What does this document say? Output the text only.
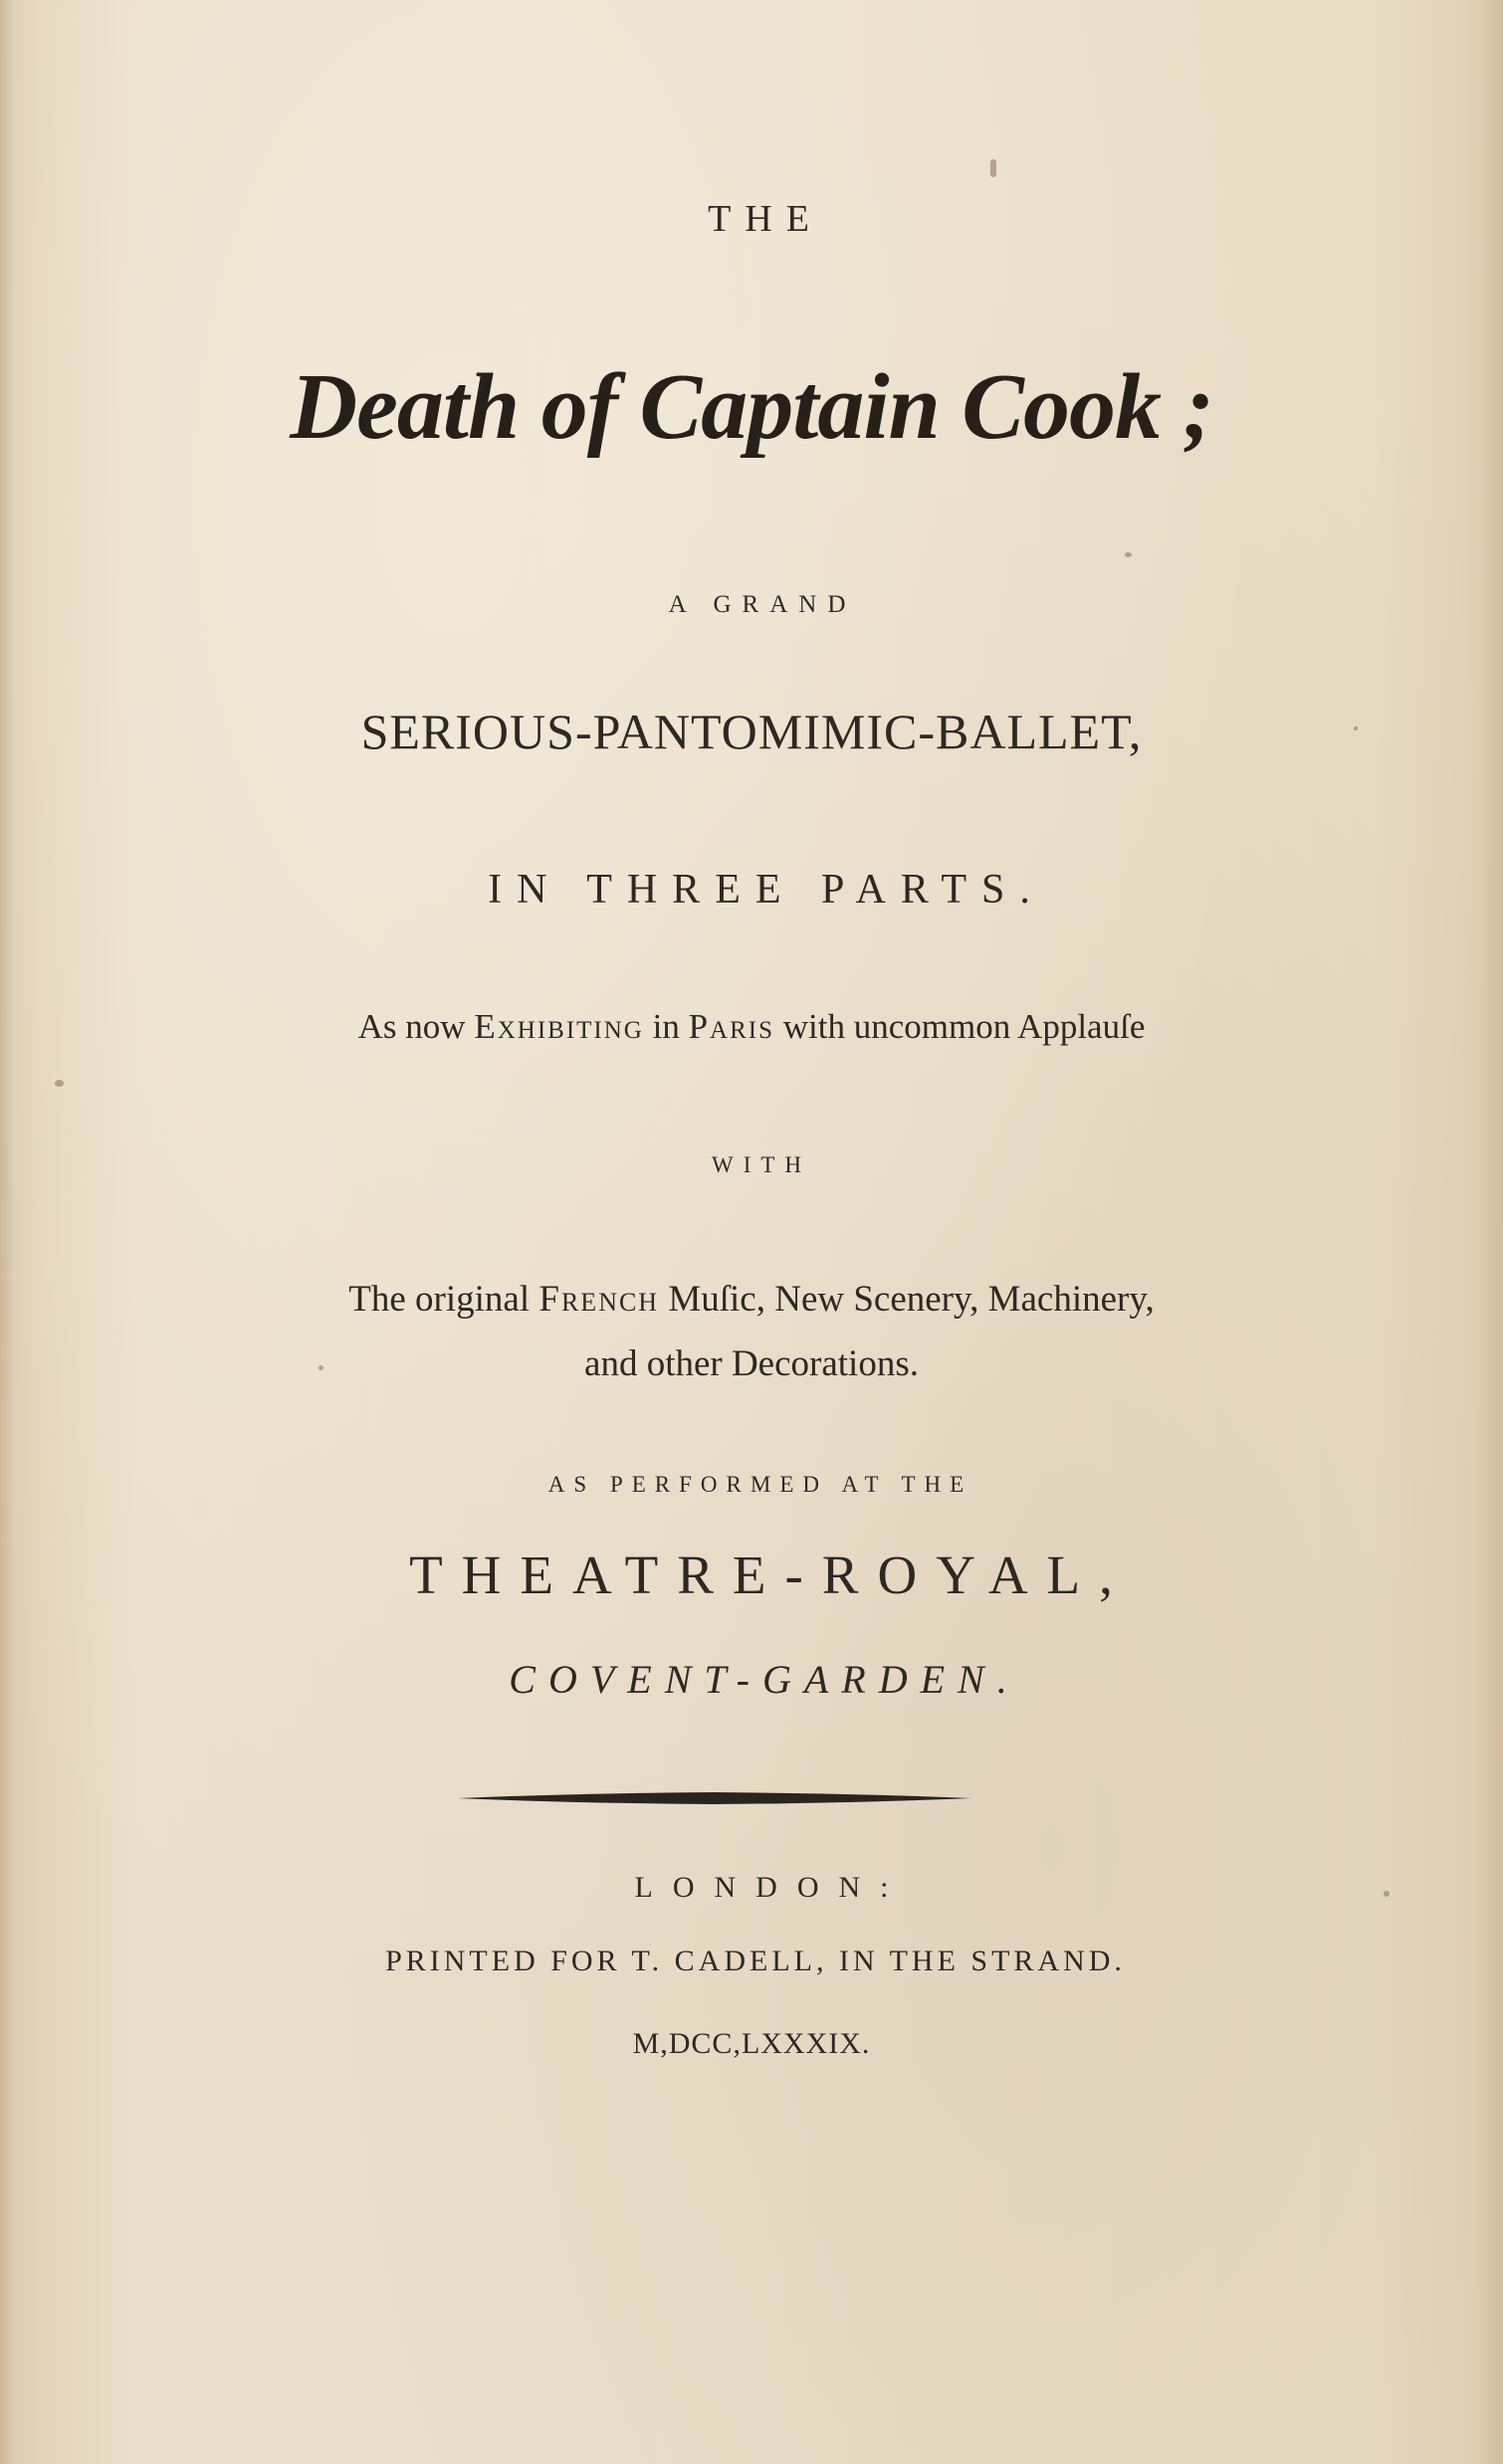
THE
Death of Captain Cook ;
A GRAND
SERIOUS-PANTOMIMIC-BALLET,
IN THREE PARTS.
As now Exhibiting in Paris with uncommon Applauſe
WITH
The original French Muſic, New Scenery, Machinery,
and other Decorations.
AS PERFORMED AT THE
THEATRE-ROYAL,
COVENT-GARDEN.
LONDON:
PRINTED FOR T. CADELL, IN THE STRAND.
M,DCC,LXXXIX.
